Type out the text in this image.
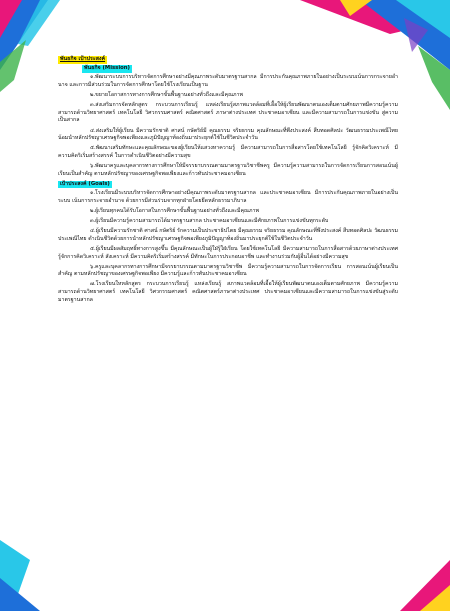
พันธกิจ เป้าประสงค์
พันธกิจ (Mission)

๑.พัฒนาระบบการบริหารจัดการศึกษาอย่างมีคุณภาพระดับมาตรฐานสากล มีการประกันคุณภาพภายในอย่างเป็นระบบเน้นการกระจายอำนาจ และการมีส่วนร่วมในการจัดการศึกษาโดยใช้โรงเรียนเป็นฐาน

๒.ขยายโอกาสการทางการศึกษาขั้นพื้นฐานอย่างทั่วถึงและมีคุณภาพ

๓.ส่งเสริมการจัดหลักสูตร กระบวนการเรียนรู้ แหล่งเรียนรู้สภาพแวดล้อมที่เอื้อให้ผู้เรียนพัฒนาตนเองเต็มตามศักยภาพมีความรู้ความสามารถด้านวิทยาศาสตร์ เทคโนโลยี วิศวกรรมศาสตร์ คณิตศาสตร์ ภาษาต่างประเทศ ประชาคมอาเซียน และมีความสามารถในการแข่งขัน สู่ความเป็นสากล

๔.ส่งเสริมให้ผู้เรียน มีความรักชาติ ศาสน์ กษัตริย์มี คุณธรรม จริยธรรม คุณลักษณะที่พึงประสงค์ สืบทอดศิลปะ วัฒนธรรมประเพณีไทย น้อมนำหลักปรัชญาเศรษฐกิจพอเพียงและภูมิปัญญาท้องถิ่นมาประยุกต์ใช้ในชีวิตประจำวัน

๕.พัฒนาเสริมทักษะและคุณลักษณะของผู้เรียนให้แสวงหาความรู้ มีความสามารถในการสื่อสารโดยใช้เทคโนโลยี รู้จักคิดวิเคราะห์ มีความคิดริเริ่มสร้างสรรค์ ในการดำเนินชีวิตอย่างมีความสุข

๖.พัฒนาครูและบุคลากรทางการศึกษาให้มีจรรยาบรรณตามมาตรฐานวิชาชีพครู มีความรู้ความสามารถในการจัดการเรียนการสอนเน้นผู้เรียนเป็นสำคัญ ตามหลักปรัชญาของเศรษฐกิจพอเพียงและก้าวทันประชาคมอาเซียน

เป้าประสงค์ (Goals)

๑.โรงเรียนมีระบบบริหารจัดการศึกษาอย่างมีคุณภาพระดับมาตรฐานสากล และประชาคมอาเซียน มีการประกันคุณภาพภายในอย่างเป็นระบบ เน้นการกระจายอำนาจ ด้วยการมีส่วนร่วมจากทุกฝ่ายโดยยึดหลักธรรมาภิบาล

๒.ผู้เรียนทุกคนได้รับโอกาสในการศึกษาขั้นพื้นฐานอย่างทั่วถึงและมีคุณภาพ

๓.ผู้เรียนมีความรู้ความสามารถได้มาตรฐานสากล ประชาคมอาเซียนและมีศักยภาพในการแข่งขันทุกระดับ

๔.ผู้เรียนมีความรักชาติ ศาสน์ กษัตริย์ รักความเป็นประชาธิปไตย มีคุณธรรม จริยธรรม คุณลักษณะที่พึงประสงค์ สืบทอดศิลปะ วัฒนธรรมประเพณีไทย ดำเนินชีวิตด้วยการนำหลักปรัชญาเศรษฐกิจพอเพียงภูมิปัญญาท้องถิ่นมาประยุกต์ใช้ในชีวิตประจำวัน

๕.ผู้เรียนมีผลสัมฤทธิ์ทางการสูงขึ้น มีคุณลักษณะเป็นผู้ใฝ่รู้ใฝ่เรียน โดยใช้เทคโนโลยี มีความสามารถในการสื่อสารด้วยภาษาต่างประเทศ รู้จักการคิดวิเคราะห์ สังเคราะห์ มีความคิดริเริ่มสร้างสรรค์ มีทักษะในการประกอบอาชีพ และทำงานร่วมกับผู้อื่นได้อย่างมีความสุข

๖.ครูและบุคลากรทางการศึกษามีจรรยาบรรณตามมาตรฐานวิชาชีพ มีความรู้ความสามารถในการจัดการเรียน การสอนเน้นผู้เรียนเป็นสำคัญ ตามหลักปรัชญาของเศรษฐกิจพอเพียง มีความรู้และก้าวทันประชาคมอาเซียน

๗.โรงเรียนใหหลักสูตร กระบวนการเรียนรู้ แหล่งเรียนรู้ สภาพแวดล้อมที่เอื้อให้ผู้เรียนพัฒนาตนเองเต็มตามศักยภาพ มีความรู้ความสามารถด้านวิทยาศาสตร์ เทคโนโลยี วิศวกรรมศาสตร์ คณิตศาสตร์ภาษาต่างประเทศ ประชาคมอาเซียนและมีความสามารถในการแข่งขันสู่ระดับมาตรฐานสากล
